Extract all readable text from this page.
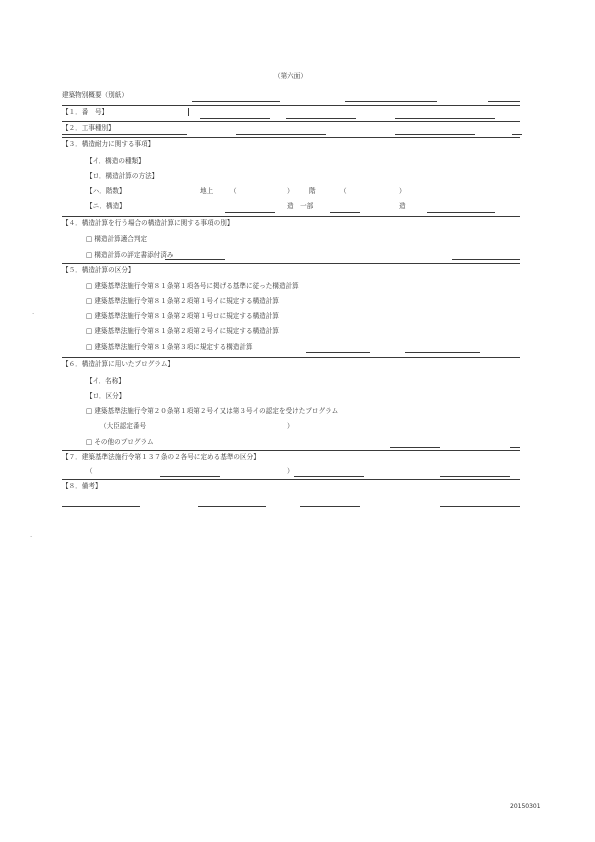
（第六面）
建築物別概要（別紙）
【１．番　号】
【２．工事種別】
【３．構造耐力に関する事項】
【イ．構造の種類】
【ロ．構造計算の方法】
【ハ．階数】	地上	（	） 階	（	）
【ニ．構造】	造　一部	造
【４．構造計算を行う場合の構造計算に関する事項の別】
□ 構造計算適合判定
□ 構造計算の評定書添付済み
【５．構造計算の区分】
□ 建築基準法施行令第８１条第１項各号に掲げる基準に従った構造計算
□ 建築基準法施行令第８１条第２項第１号イに規定する構造計算
□ 建築基準法施行令第８１条第２項第１号ロに規定する構造計算
□ 建築基準法施行令第８１条第２項第２号イに規定する構造計算
□ 建築基準法施行令第８１条第３項に規定する構造計算
【６．構造計算に用いたプログラム】
【イ．名称】
【ロ．区分】
□ 建築基準法施行令第２０条第１項第２号イ又は第３号イの認定を受けたプログラム
（大臣認定番号	）
□ その他のプログラム
【７．建築基準法施行令第１３７条の２各号に定める基準の区分】
（	）
【８．備考】
·
·
20150301
